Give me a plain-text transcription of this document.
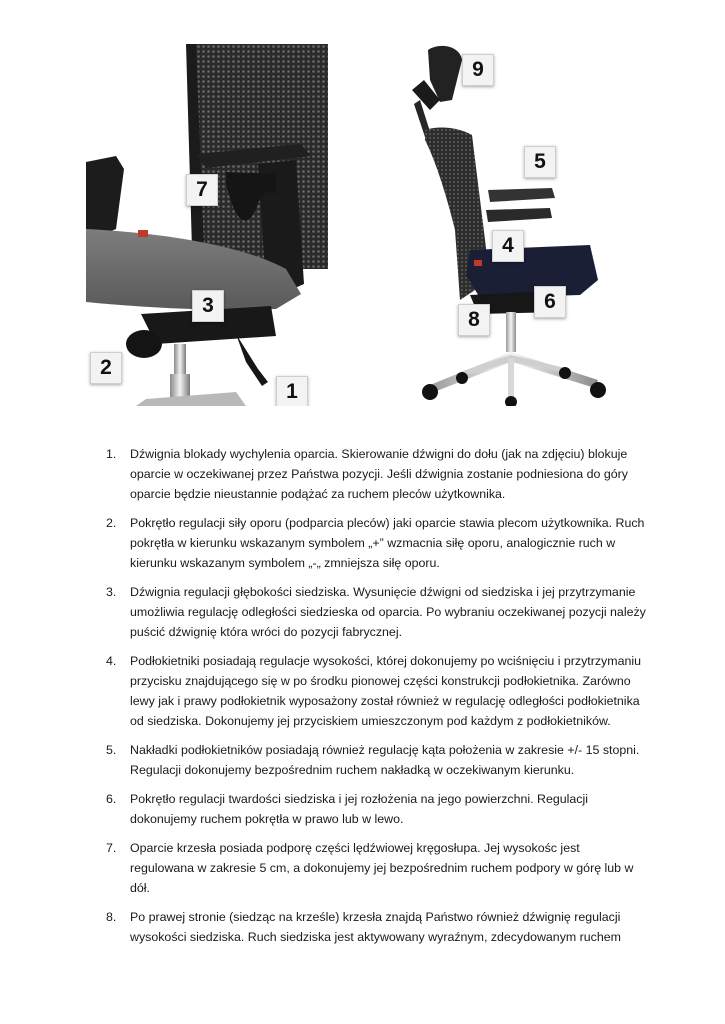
7
3
2
1
9
5
4
6
8
1. Dźwignia blokady wychylenia oparcia. Skierowanie dźwigni do dołu (jak na zdjęciu) blokuje oparcie w oczekiwanej przez Państwa pozycji. Jeśli dźwignia zostanie podniesiona do góry oparcie będzie nieustannie podążać za ruchem pleców użytkownika.
2. Pokrętło regulacji siły oporu (podparcia pleców) jaki oparcie stawia plecom użytkownika. Ruch pokrętła w kierunku wskazanym symbolem „+” wzmacnia siłę oporu, analogicznie ruch w kierunku wskazanym symbolem „-„ zmniejsza siłę oporu.
3. Dźwignia regulacji głębokości siedziska. Wysunięcie dźwigni od siedziska i jej przytrzymanie umożliwia regulację odległości siedzieska od oparcia. Po wybraniu oczekiwanej pozycji należy puścić dźwignię która wróci do pozycji fabrycznej.
4. Podłokietniki posiadają regulacje wysokości, której dokonujemy po wciśnięciu i przytrzymaniu przycisku znajdującego się w po środku pionowej części konstrukcji podłokietnika. Zarówno lewy jak i prawy podłokietnik wyposażony został również w regulację odległości podłokietnika od siedziska. Dokonujemy jej przyciskiem umieszczonym pod każdym z podłokietników.
5. Nakładki podłokietników posiadają również regulację kąta położenia w zakresie +/- 15 stopni. Regulacji dokonujemy bezpośrednim ruchem nakładką w oczekiwanym kierunku.
6. Pokrętło regulacji twardości siedziska i jej rozłożenia na jego powierzchni. Regulacji dokonujemy ruchem pokrętła w prawo lub w lewo.
7. Oparcie krzesła posiada podporę części lędźwiowej kręgosłupa. Jej wysokośc jest regulowana w zakresie 5 cm, a dokonujemy jej bezpośrednim ruchem podpory w górę lub w dół.
8. Po prawej stronie (siedząc na krześle) krzesła znajdą Państwo również dźwignię regulacji wysokości siedziska. Ruch siedziska jest aktywowany wyraźnym, zdecydowanym ruchem
